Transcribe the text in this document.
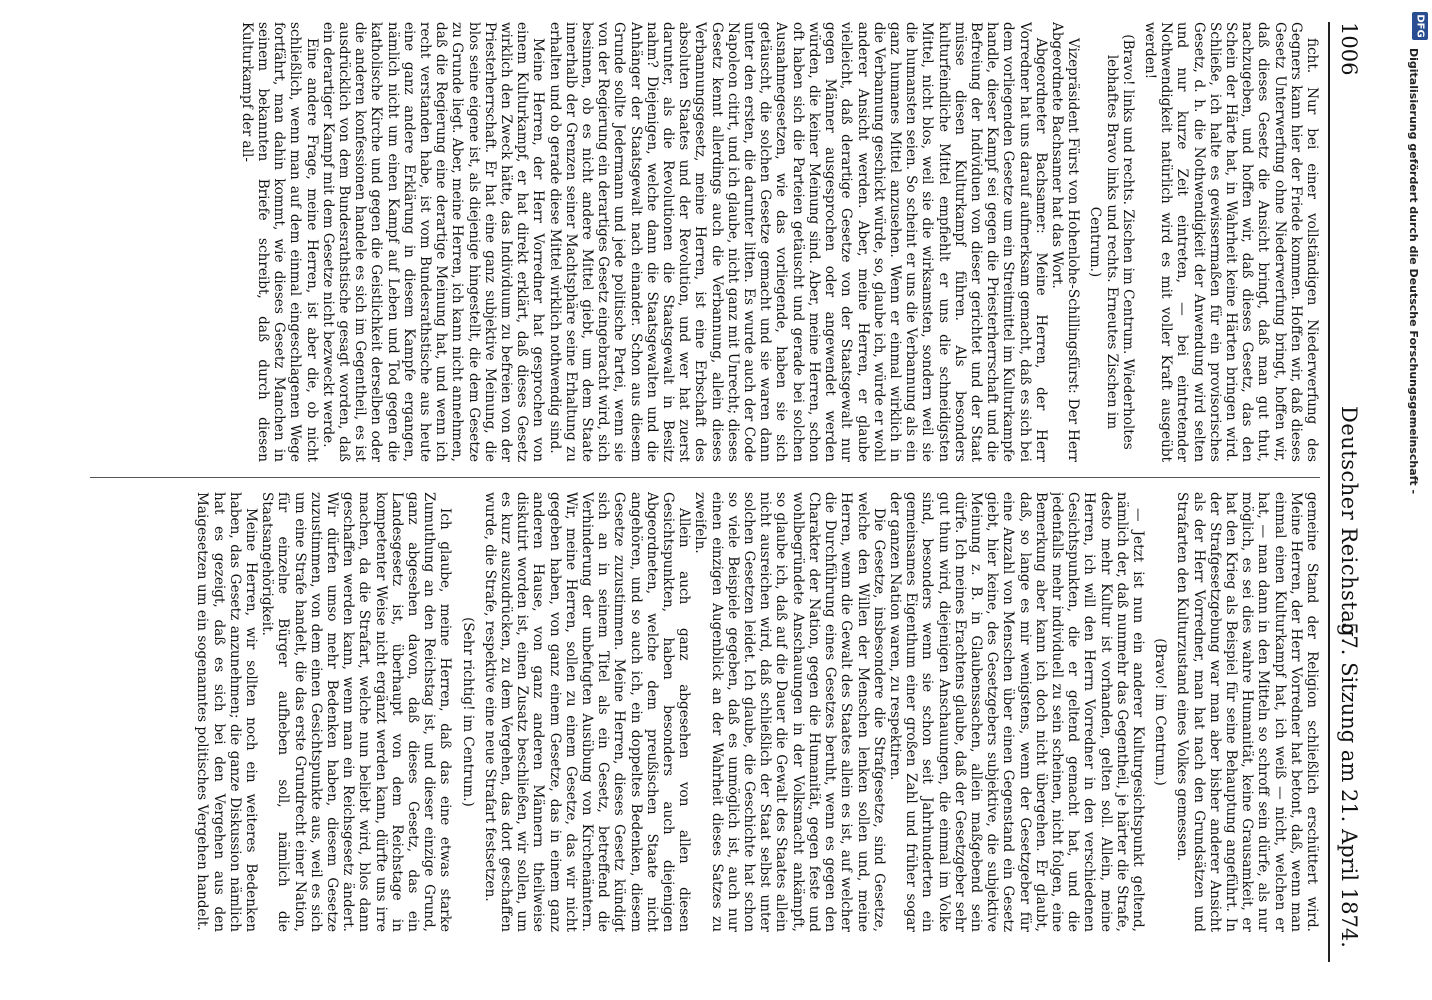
1006
Deutscher Reichstag.
57. Sitzung am 21. April 1874.

ficht. Nur bei einer vollständigen Niederwerfung des Gegners kann hier der Friede kommen. Hoffen wir, daß dieses Gesetz Unterwerfung ohne Niederwerfung bringt, hoffen wir, daß dieses Gesetz die Ansicht bringt, daß man gut thut, nachzugeben, und hoffen wir, daß dieses Gesetz, das den Schein der Härte hat, in Wahrheit keine Härten bringen wird. Schließe, ich halte es gewissermaßen für ein provisorisches Gesetz, d. h. die Nothwendigkeit der Anwendung wird selten und nur kurze Zeit eintreten, — bei eintretender Nothwendigkeit natürlich wird es mit voller Kraft ausgeübt werden!

(Bravo! links und rechts. Zischen im Centrum. Wiederholtes lebhaftes Bravo links und rechts. Erneutes Zischen im Centrum.)

Vizepräsident Fürst von Hohenlohe-Schillingsfürst: Der Herr Abgeordnete Bachsamer hat das Wort.

Abgeordneter Bachsamer: Meine Herren, der Herr Vorredner hat uns darauf aufmerksam gemacht, daß es sich bei dem vorliegenden Gesetze um ein Streitmittel im Kulturkampfe handle, dieser Kampf sei gegen die Priesterherrschaft und die Befreiung der Individuen von dieser gerichtet und der Staat müsse diesen Kulturkampf führen. Als besonders kulturfeindliche Mittel empfiehlt er uns die schneidigsten Mittel, nicht blos, weil sie die wirksamsten, sondern weil sie die humansten seien. So scheint er uns die Verbannung als ein ganz humanes Mittel anzusehen. Wenn er einmal wirklich in die Verbannung geschickt würde, so, glaube ich, würde er wohl anderer Ansicht werden. Aber, meine Herren, er glaube vielleicht, daß derartige Gesetze von der Staatsgewalt nur gegen Männer ausgesprochen oder angewendet werden würden, die keiner Meinung sind. Aber, meine Herren, schon oft haben sich die Parteien getäuscht und gerade bei solchen Ausnahmegesetzen, wie das vorliegende, haben sie sich getäuscht, die solchen Gesetze gemacht und sie waren dann unter den ersten, die darunter litten. Es wurde auch der Code Napoleon citirt, und ich glaube, nicht ganz mit Unrecht; dieses Gesetz kennt allerdings auch die Verbannung, allein dieses Verbannungsgesetz, meine Herren, ist eine Erbschaft des absoluten Staates und der Revolution, und wer hat zuerst darunter, als die Revolutionen die Staatsgewalt in Besitz nahm? Diejenigen, welche dann die Staatsgewalten und die Anhänger der Staatsgewalt nach einander. Schon aus diesem Grunde sollte Jedermann und jede politische Partei, wenn sie von der Regierung ein derartiges Gesetz eingebracht wird, sich besinnen, ob es nicht andere Mittel giebt, um dem Staate innerhalb der Grenzen seiner Machtsphäre seine Erhaltung zu erhalten und ob gerade diese Mittel wirklich nothwendig sind.

Meine Herren, der Herr Vorredner hat gesprochen von einem Kulturkampf, er hat direkt erklärt, daß dieses Gesetz wirklich den Zweck hätte, das Individuum zu befreien von der Priesterherrschaft. Er hat eine ganz subjektive Meinung, die blos seine eigene ist, als diejenige hingestellt, die dem Gesetze zu Grunde liegt. Aber, meine Herren, ich kann nicht annehmen, daß die Regierung eine derartige Meinung hat, und wenn ich recht verstanden habe, ist vom Bundesrathstische aus heute eine ganz andere Erklärung in diesem Kampfe ergangen, nämlich nicht um einen Kampf auf Leben und Tod gegen die katholische Kirche und gegen die Geistlichkeit derselben oder die anderen konfessionen handele es sich im Gegentheil, es ist ausdrücklich von dem Bundesrathstische gesagt worden, daß ein derartiger Kampf mit dem Gesetze nicht bezweckt werde.

Eine andere Frage, meine Herren, ist aber die, ob nicht schließlich, wenn man auf dem einmal eingeschlagenen Wege fortfährt, man dahin kommt, wie dieses Gesetz Manchen in seinem bekannten Briefe schreibt, daß durch diesen Kulturkampf der all-

gemeine Stand der Religion schließlich erschüttert wird. Meine Herren, der Herr Vorredner hat betont, daß, wenn man einmal einen Kulturkampf hat, ich weiß — nicht, welchen er hat, — man dann in den Mitteln so schroff sein dürfe, als nur möglich, es sei dies wahre Humanität, keine Grausamkeit, er hat den Krieg als Beispiel für seine Behauptung angeführt. In der Strafgesetzgebung war man aber bisher anderer Ansicht als der Herr Vorredner, man hat nach den Grundsätzen und Strafarten den Kulturzustand eines Volkes gemessen.

(Bravo! im Centrum.)

— Jetzt ist nun ein anderer Kulturgesichtspunkt geltend, nämlich der, daß nunmehr das Gegentheil, je härter die Strafe, desto mehr Kultur ist vorhanden, gelten soll. Allein, meine Herren, ich will den Herrn Vorredner in den verschiedenen Gesichtspunkten, die er geltend gemacht hat, und die jedenfalls mehr individuell zu sein scheinen, nicht folgen, eine Bemerkung aber kann ich doch nicht übergehen. Er glaubt, daß, so lange es mir wenigstens, wenn der Gesetzgeber für eine Anzahl von Menschen über einen Gegenstand ein Gesetz giebt, hier keine, des Gesetzgebers subjektive, die subjektive Meinung z. B. in Glaubenssachen, allein maßgebend sein dürfe. Ich meines Erachtens glaube, daß der Gesetzgeber sehr gut thun wird, diejenigen Anschauungen, die einmal im Volke sind, besonders wenn sie schon seit Jahrhunderten ein gemeinsames Eigenthum einer großen Zahl und früher sogar der ganzen Nation waren, zu respektiren.

Die Gesetze, insbesondere die Strafgesetze, sind Gesetze, welche den Willen der Menschen lenken sollen und, meine Herren, wenn die Gewalt des Staates allein es ist, auf welcher die Durchführung eines Gesetzes beruht, wenn es gegen den Charakter der Nation, gegen die Humanität, gegen feste und wohlbegründete Anschauungen in der Volksmacht ankämpft, so glaube ich, daß auf die Dauer die Gewalt des Staates allein nicht ausreichen wird, daß schließlich der Staat selbst unter solchen Gesetzen leidet. Ich glaube, die Geschichte hat schon so viele Beispiele gegeben, daß es unmöglich ist, auch nur einen einzigen Augenblick an der Wahrheit dieses Satzes zu zweifeln.

Allein auch ganz abgesehen von allen diesen Gesichtspunkten, haben besonders auch diejenigen Abgeordneten, welche dem preußischen Staate nicht angehören, und so auch ich, ein doppeltes Bedenken, diesem Gesetze zuzustimmen. Meine Herren, dieses Gesetz kündigt sich an in seinem Titel als ein Gesetz, betreffend die Verhinderung der unbefugten Ausübung von Kirchenämtern. Wir, meine Herren, sollen zu einem Gesetze, das wir nicht gegeben haben, von ganz einem Gesetze, das in einem ganz anderen Hause, von ganz anderen Männern theilweise diskutirt worden ist, einen Zusatz beschließen, wir sollen, um es kurz auszudrücken, zu dem Vergehen, das dort geschaffen wurde, die Strafe, respektive eine neue Strafart festsetzen.

(Sehr richtig! im Centrum.)

Ich glaube, meine Herren, daß das eine etwas starke Zumuthung an den Reichstag ist, und dieser einzige Grund, ganz abgesehen davon, daß dieses Gesetz, das ein Landesgesetz ist, überhaupt von dem Reichstage in kompetenter Weise nicht ergänzt werden kann, dürfte uns irre machen, da die Strafart, welche nun beliebt wird, blos dann geschaffen werden kann, wenn man ein Reichsgesetz ändert. Wir dürfen umso mehr Bedenken haben, diesem Gesetze zuzustimmen, von dem einen Gesichtspunkte aus, weil es sich um eine Strafe handelt, die das erste Grundrecht einer Nation, für einzelne Bürger aufheben soll, nämlich die Staatsangehörigkeit.

Meine Herren, wir sollten noch ein weiteres Bedenken haben, das Gesetz anzunehmen; die ganze Diskussion nämlich hat es gezeigt, daß es sich bei den Vergehen aus den Maigesetzen um ein sogenanntes politisches Vergehen handelt.

DFG
Digitalisierung gefördert durch die Deutsche Forschungsgemeinschaft -
